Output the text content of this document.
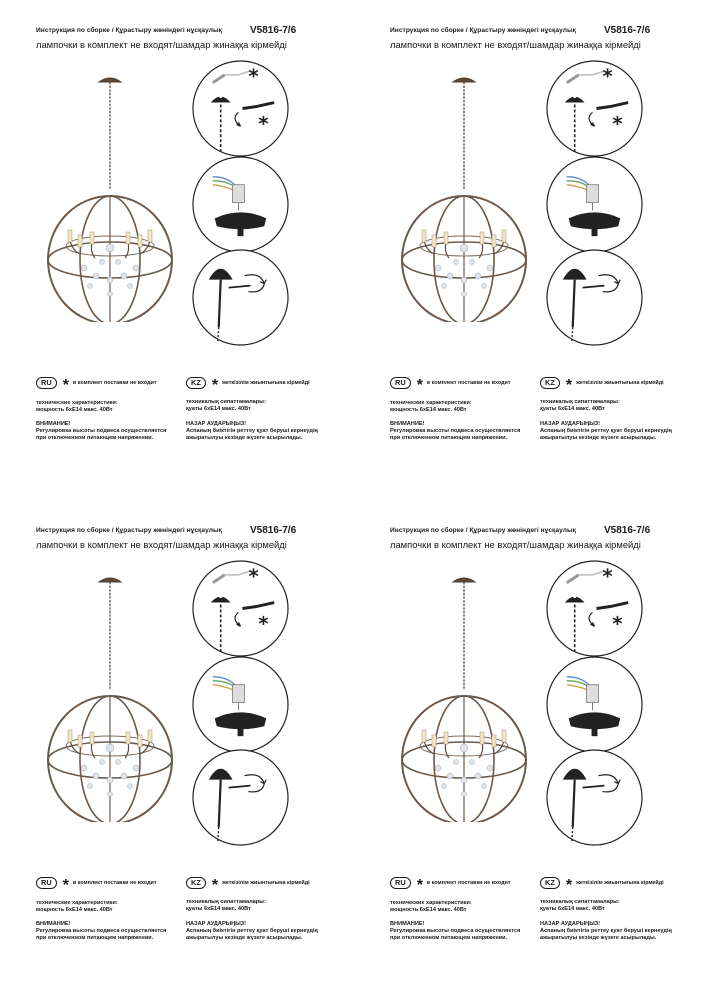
Инструкция по сборке / Құрастыру жөніндегі нұсқаулық	V5816-7/6
лампочки в комплект не входят/шамдар жинаққа кірмейді
*
*
RU * в комплект поставки не входит	KZ * жеткізілім жиынтығына кірмейді
технические характеристики:
мощность 6хЕ14 макс. 40Вт
техникалық сипаттамалары:
қуаты 6хЕ14 макс. 40Вт
ВНИМАНИЕ!
Регулировка высоты подвеса осуществляется
при отключенном питающем напряжении.
НАЗАР АУДАРЫҢЫЗ!
Аспаның биіктігін реттеу қуат беруші кернеудің
ажыратылуы кезінде жүзеге асырылады.
Инструкция по сборке / Құрастыру жөніндегі нұсқаулық	V5816-7/6
лампочки в комплект не входят/шамдар жинаққа кірмейді
*
*
RU * в комплект поставки не входит	KZ * жеткізілім жиынтығына кірмейді
технические характеристики:
мощность 6хЕ14 макс. 40Вт
техникалық сипаттамалары:
қуаты 6хЕ14 макс. 40Вт
ВНИМАНИЕ!
Регулировка высоты подвеса осуществляется
при отключенном питающем напряжении.
НАЗАР АУДАРЫҢЫЗ!
Аспаның биіктігін реттеу қуат беруші кернеудің
ажыратылуы кезінде жүзеге асырылады.
Инструкция по сборке / Құрастыру жөніндегі нұсқаулық	V5816-7/6
лампочки в комплект не входят/шамдар жинаққа кірмейді
*
*
RU * в комплект поставки не входит	KZ * жеткізілім жиынтығына кірмейді
технические характеристики:
мощность 6хЕ14 макс. 40Вт
техникалық сипаттамалары:
қуаты 6хЕ14 макс. 40Вт
ВНИМАНИЕ!
Регулировка высоты подвеса осуществляется
при отключенном питающем напряжении.
НАЗАР АУДАРЫҢЫЗ!
Аспаның биіктігін реттеу қуат беруші кернеудің
ажыратылуы кезінде жүзеге асырылады.
Инструкция по сборке / Құрастыру жөніндегі нұсқаулық	V5816-7/6
лампочки в комплект не входят/шамдар жинаққа кірмейді
*
*
RU * в комплект поставки не входит	KZ * жеткізілім жиынтығына кірмейді
технические характеристики:
мощность 6хЕ14 макс. 40Вт
техникалық сипаттамалары:
қуаты 6хЕ14 макс. 40Вт
ВНИМАНИЕ!
Регулировка высоты подвеса осуществляется
при отключенном питающем напряжении.
НАЗАР АУДАРЫҢЫЗ!
Аспаның биіктігін реттеу қуат беруші кернеудің
ажыратылуы кезінде жүзеге асырылады.
